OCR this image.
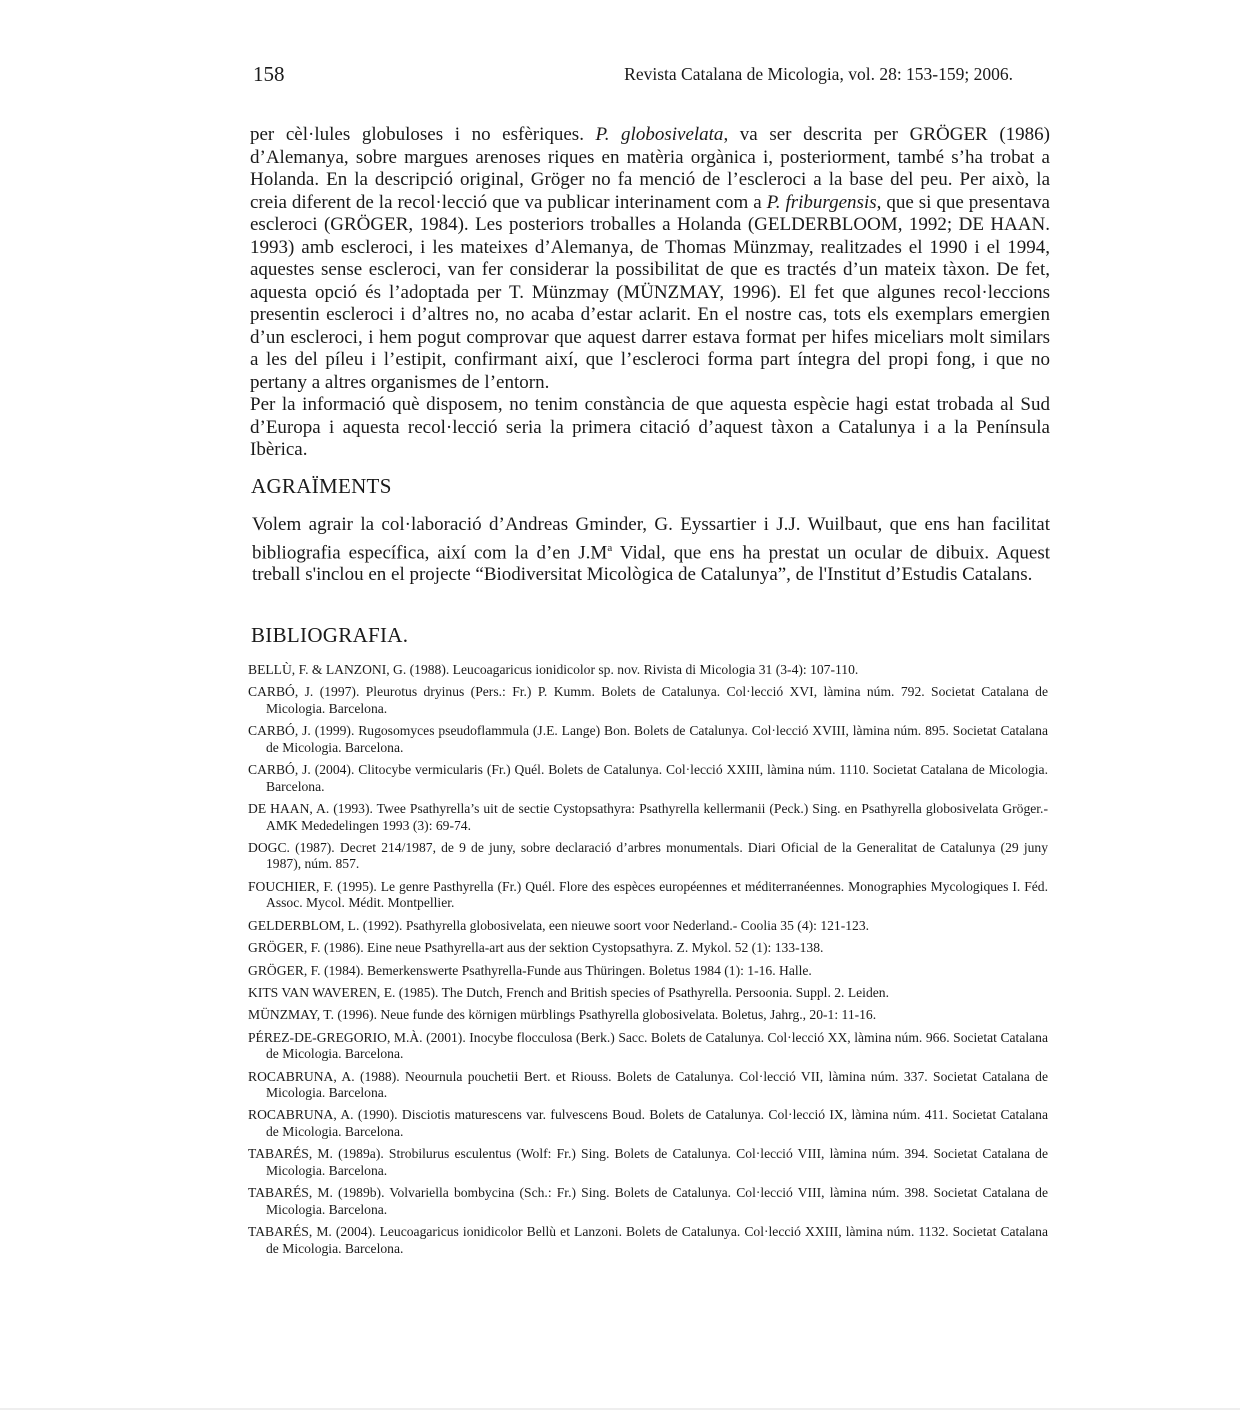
158	Revista Catalana de Micologia, vol. 28: 153-159; 2006.

per cèl·lules globuloses i no esfèriques. P. globosivelata, va ser descrita per GRÖGER (1986) d’Alemanya, sobre margues arenoses riques en matèria orgànica i, posteriorment, també s’ha trobat a Holanda. En la descripció original, Gröger no fa menció de l’escleroci a la base del peu. Per això, la creia diferent de la recol·lecció que va publicar interinament com a P. friburgensis, que si que presentava escleroci (GRÖGER, 1984). Les posteriors troballes a Holanda (GELDERBLOOM, 1992; DE HAAN. 1993) amb escleroci, i les mateixes d’Alemanya, de Thomas Münzmay, realitzades el 1990 i el 1994, aquestes sense escleroci, van fer considerar la possibilitat de que es tractés d’un mateix tàxon. De fet, aquesta opció és l’adoptada per T. Münzmay (MÜNZMAY, 1996). El fet que algunes recol·leccions presentin escleroci i d’altres no, no acaba d’estar aclarit. En el nostre cas, tots els exemplars emergien d’un escleroci, i hem pogut comprovar que aquest darrer estava format per hifes miceliars molt similars a les del píleu i l’estipit, confirmant així, que l’escleroci forma part íntegra del propi fong, i que no pertany a altres organismes de l’entorn.

Per la informació què disposem, no tenim constància de que aquesta espècie hagi estat trobada al Sud d’Europa i aquesta recol·lecció seria la primera citació d’aquest tàxon a Catalunya i a la Península Ibèrica.

AGRAÏMENTS

Volem agrair la col·laboració d’Andreas Gminder, G. Eyssartier i J.J. Wuilbaut, que ens han facilitat bibliografia específica, així com la d’en $J.M^a$ Vidal, que ens ha prestat un ocular de dibuix. Aquest treball s'inclou en el projecte “Biodiversitat Micològica de Catalunya”, de l'Institut d’Estudis Catalans.

BIBLIOGRAFIA.
BELLÙ, F. & LANZONI, G. (1988). Leucoagaricus ionidicolor sp. nov. Rivista di Micologia 31 (3-4): 107-110.
CARBÓ, J. (1997). Pleurotus dryinus (Pers.: Fr.) P. Kumm. Bolets de Catalunya. Col·lecció XVI, làmina núm. 792. Societat Catalana de Micologia. Barcelona.
CARBÓ, J. (1999). Rugosomyces pseudoflammula (J.E. Lange) Bon. Bolets de Catalunya. Col·lecció XVIII, làmina núm. 895. Societat Catalana de Micologia. Barcelona.
CARBÓ, J. (2004). Clitocybe vermicularis (Fr.) Quél. Bolets de Catalunya. Col·lecció XXIII, làmina núm. 1110. Societat Catalana de Micologia. Barcelona.
DE HAAN, A. (1993). Twee Psathyrella’s uit de sectie Cystopsathyra: Psathyrella kellermanii (Peck.) Sing. en Psathyrella globosivelata Gröger.- AMK Mededelingen 1993 (3): 69-74.
DOGC. (1987). Decret 214/1987, de 9 de juny, sobre declaració d’arbres monumentals. Diari Oficial de la Generalitat de Catalunya (29 juny 1987), núm. 857.
FOUCHIER, F. (1995). Le genre Pasthyrella (Fr.) Quél. Flore des espèces européennes et méditerranéennes. Monographies Mycologiques I. Féd. Assoc. Mycol. Médit. Montpellier.
GELDERBLOM, L. (1992). Psathyrella globosivelata, een nieuwe soort voor Nederland.- Coolia 35 (4): 121-123.
GRÖGER, F. (1986). Eine neue Psathyrella-art aus der sektion Cystopsathyra. Z. Mykol. 52 (1): 133-138.
GRÖGER, F. (1984). Bemerkenswerte Psathyrella-Funde aus Thüringen. Boletus 1984 (1): 1-16. Halle.
KITS VAN WAVEREN, E. (1985). The Dutch, French and British species of Psathyrella. Persoonia. Suppl. 2. Leiden.
MÜNZMAY, T. (1996). Neue funde des körnigen mürblings Psathyrella globosivelata. Boletus, Jahrg., 20-1: 11-16.
PÉREZ-DE-GREGORIO, M.À. (2001). Inocybe flocculosa (Berk.) Sacc. Bolets de Catalunya. Col·lecció XX, làmina núm. 966. Societat Catalana de Micologia. Barcelona.
ROCABRUNA, A. (1988). Neournula pouchetii Bert. et Riouss. Bolets de Catalunya. Col·lecció VII, làmina núm. 337. Societat Catalana de Micologia. Barcelona.
ROCABRUNA, A. (1990). Disciotis maturescens var. fulvescens Boud. Bolets de Catalunya. Col·lecció IX, làmina núm. 411. Societat Catalana de Micologia. Barcelona.
TABARÉS, M. (1989a). Strobilurus esculentus (Wolf: Fr.) Sing. Bolets de Catalunya. Col·lecció VIII, làmina núm. 394. Societat Catalana de Micologia. Barcelona.
TABARÉS, M. (1989b). Volvariella bombycina (Sch.: Fr.) Sing. Bolets de Catalunya. Col·lecció VIII, làmina núm. 398. Societat Catalana de Micologia. Barcelona.
TABARÉS, M. (2004). Leucoagaricus ionidicolor Bellù et Lanzoni. Bolets de Catalunya. Col·lecció XXIII, làmina núm. 1132. Societat Catalana de Micologia. Barcelona.
